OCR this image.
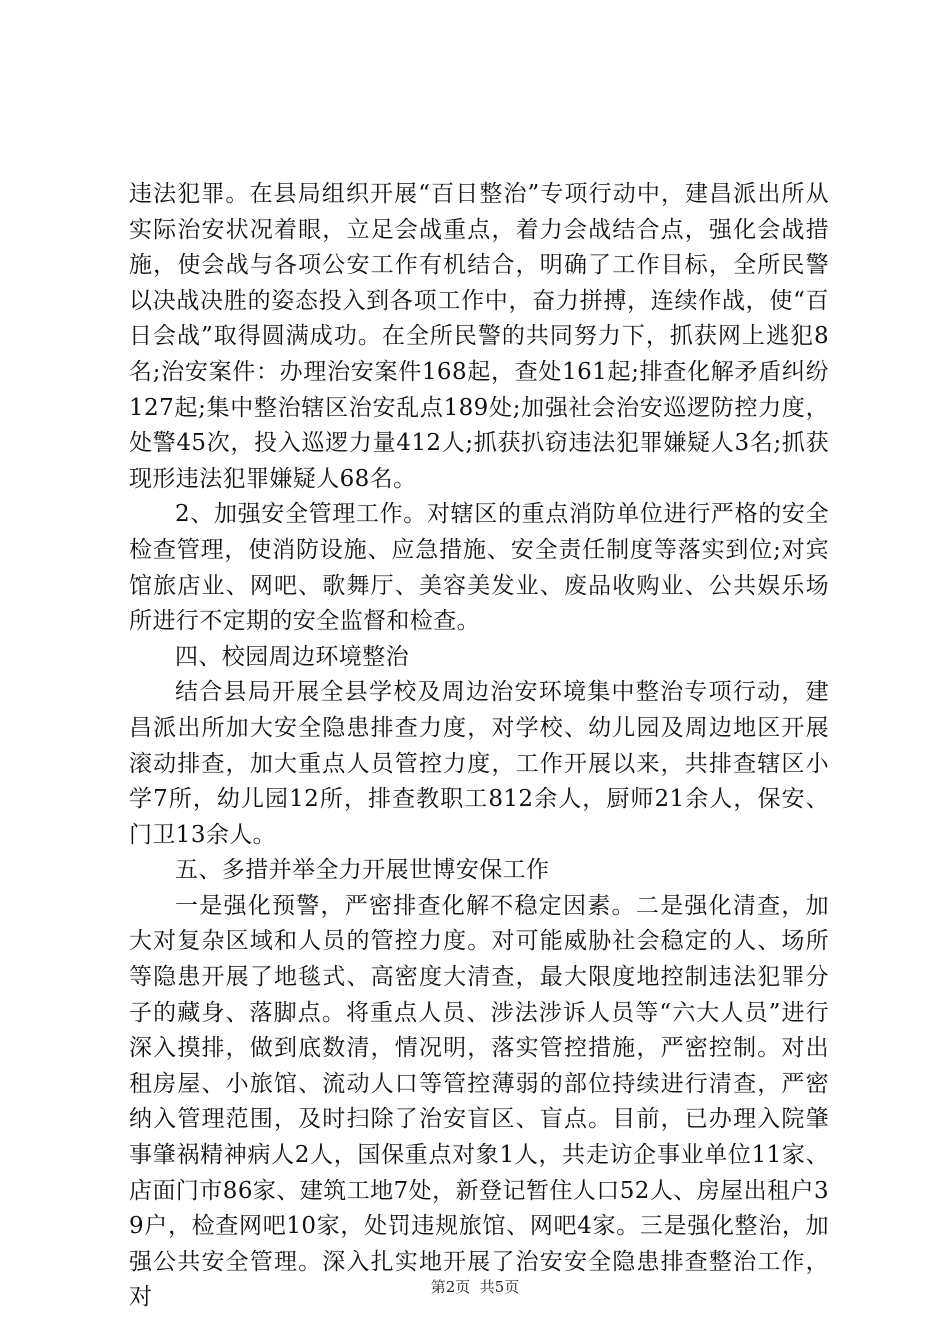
违法犯罪。在县局组织开展“百日整治”专项行动中，建昌派出所从实际治安状况着眼，立足会战重点，着力会战结合点，强化会战措施，使会战与各项公安工作有机结合，明确了工作目标，全所民警以决战决胜的姿态投入到各项工作中，奋力拼搏，连续作战，使“百日会战”取得圆满成功。在全所民警的共同努力下，抓获网上逃犯8名;治安案件：办理治安案件168起，查处161起;排查化解矛盾纠纷127起;集中整治辖区治安乱点189处;加强社会治安巡逻防控力度，处警45次，投入巡逻力量412人;抓获扒窃违法犯罪嫌疑人3名;抓获现形违法犯罪嫌疑人68名。

2、加强安全管理工作。对辖区的重点消防单位进行严格的安全检查管理，使消防设施、应急措施、安全责任制度等落实到位;对宾馆旅店业、网吧、歌舞厅、美容美发业、废品收购业、公共娱乐场所进行不定期的安全监督和检查。

四、校园周边环境整治

结合县局开展全县学校及周边治安环境集中整治专项行动，建昌派出所加大安全隐患排查力度，对学校、幼儿园及周边地区开展滚动排查，加大重点人员管控力度，工作开展以来，共排查辖区小学7所，幼儿园12所，排查教职工812余人，厨师21余人，保安、门卫13余人。

五、多措并举全力开展世博安保工作

一是强化预警，严密排查化解不稳定因素。二是强化清查，加大对复杂区域和人员的管控力度。对可能威胁社会稳定的人、场所等隐患开展了地毯式、高密度大清查，最大限度地控制违法犯罪分子的藏身、落脚点。将重点人员、涉法涉诉人员等“六大人员”进行深入摸排，做到底数清，情况明，落实管控措施，严密控制。对出租房屋、小旅馆、流动人口等管控薄弱的部位持续进行清查，严密纳入管理范围，及时扫除了治安盲区、盲点。目前，已办理入院肇事肇祸精神病人2人，国保重点对象1人，共走访企事业单位11家、店面门市86家、建筑工地7处，新登记暂住人口52人、房屋出租户39户，检查网吧10家，处罚违规旅馆、网吧4家。三是强化整治，加强公共安全管理。深入扎实地开展了治安安全隐患排查整治工作，对	第2页  共5页
